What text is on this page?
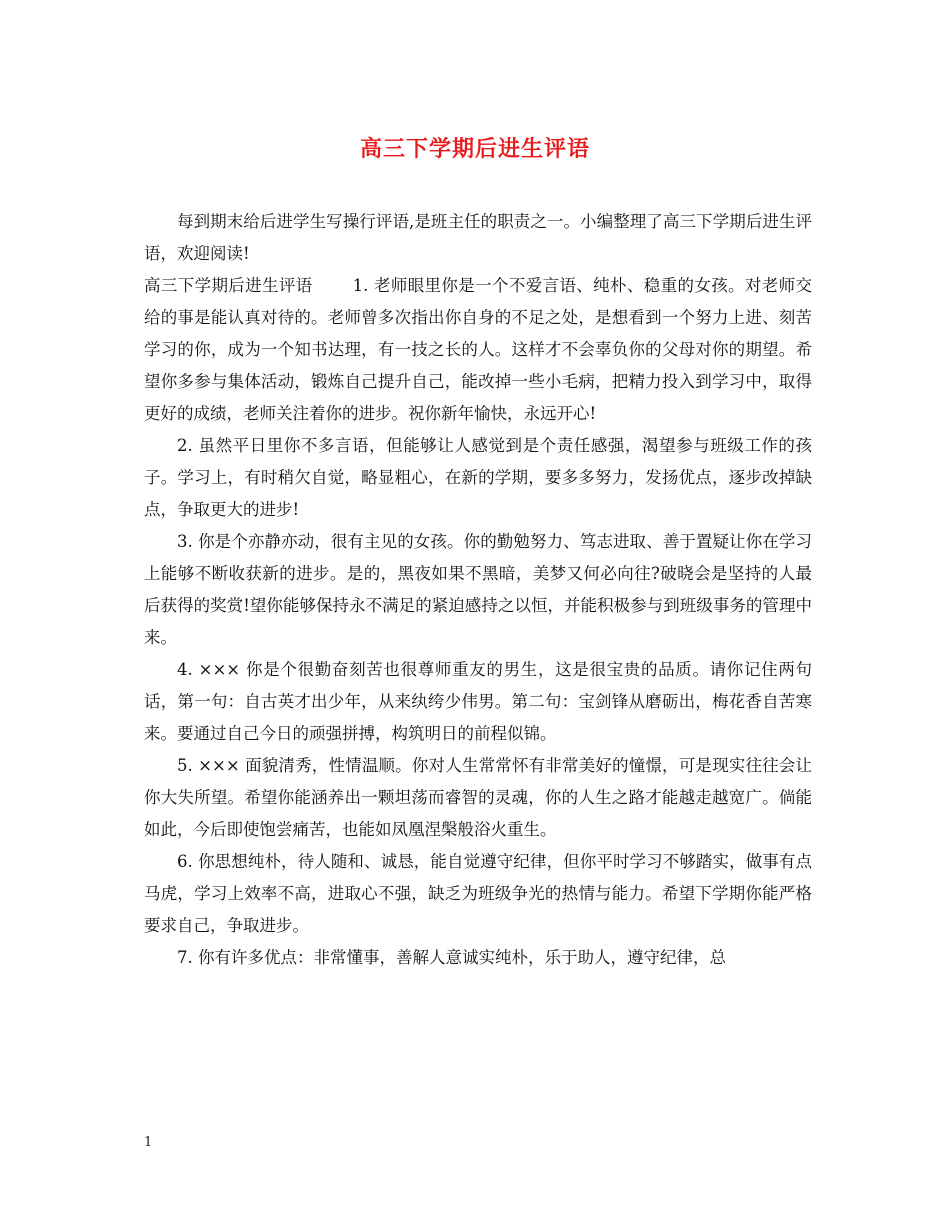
高三下学期后进生评语

每到期末给后进学生写操行评语,是班主任的职责之一。小编整理了高三下学期后进生评语，欢迎阅读!

高三下学期后进生评语 1. 老师眼里你是一个不爱言语、纯朴、稳重的女孩。对老师交给的事是能认真对待的。老师曾多次指出你自身的不足之处，是想看到一个努力上进、刻苦学习的你，成为一个知书达理，有一技之长的人。这样才不会辜负你的父母对你的期望。希望你多参与集体活动，锻炼自己提升自己，能改掉一些小毛病，把精力投入到学习中，取得更好的成绩，老师关注着你的进步。祝你新年愉快，永远开心!

2. 虽然平日里你不多言语，但能够让人感觉到是个责任感强，渴望参与班级工作的孩子。学习上，有时稍欠自觉，略显粗心，在新的学期，要多多努力，发扬优点，逐步改掉缺点，争取更大的进步!

3. 你是个亦静亦动，很有主见的女孩。你的勤勉努力、笃志进取、善于置疑让你在学习上能够不断收获新的进步。是的，黑夜如果不黑暗，美梦又何必向往?破晓会是坚持的人最后获得的奖赏!望你能够保持永不满足的紧迫感持之以恒，并能积极参与到班级事务的管理中来。

4. ××× 你是个很勤奋刻苦也很尊师重友的男生，这是很宝贵的品质。请你记住两句话，第一句：自古英才出少年，从来纨绔少伟男。第二句：宝剑锋从磨砺出，梅花香自苦寒来。要通过自己今日的顽强拼搏，构筑明日的前程似锦。

5. ××× 面貌清秀，性情温顺。你对人生常常怀有非常美好的憧憬，可是现实往往会让你大失所望。希望你能涵养出一颗坦荡而睿智的灵魂，你的人生之路才能越走越宽广。倘能如此，今后即使饱尝痛苦，也能如凤凰涅槃般浴火重生。

6. 你思想纯朴，待人随和、诚恳，能自觉遵守纪律，但你平时学习不够踏实，做事有点马虎，学习上效率不高，进取心不强，缺乏为班级争光的热情与能力。希望下学期你能严格要求自己，争取进步。

7. 你有许多优点：非常懂事，善解人意诚实纯朴，乐于助人，遵守纪律，总

1
